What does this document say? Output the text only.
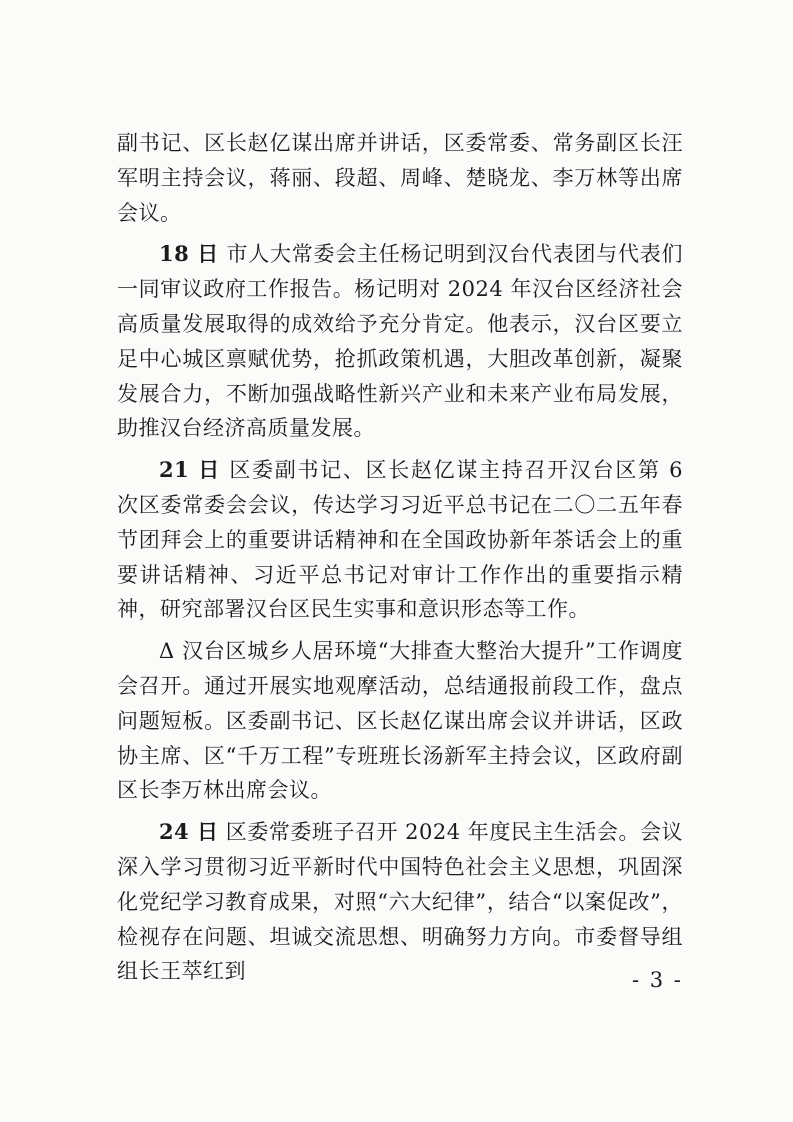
副书记、区长赵亿谋出席并讲话，区委常委、常务副区长汪军明主持会议，蒋丽、段超、周峰、楚晓龙、李万林等出席会议。

18 日 市人大常委会主任杨记明到汉台代表团与代表们一同审议政府工作报告。杨记明对 2024 年汉台区经济社会高质量发展取得的成效给予充分肯定。他表示，汉台区要立足中心城区禀赋优势，抢抓政策机遇，大胆改革创新，凝聚发展合力，不断加强战略性新兴产业和未来产业布局发展，助推汉台经济高质量发展。

21 日 区委副书记、区长赵亿谋主持召开汉台区第 6 次区委常委会会议，传达学习习近平总书记在二〇二五年春节团拜会上的重要讲话精神和在全国政协新年茶话会上的重要讲话精神、习近平总书记对审计工作作出的重要指示精神，研究部署汉台区民生实事和意识形态等工作。

Δ 汉台区城乡人居环境“大排查大整治大提升”工作调度会召开。通过开展实地观摩活动，总结通报前段工作，盘点问题短板。区委副书记、区长赵亿谋出席会议并讲话，区政协主席、区“千万工程”专班班长汤新军主持会议，区政府副区长李万林出席会议。

24 日 区委常委班子召开 2024 年度民主生活会。会议深入学习贯彻习近平新时代中国特色社会主义思想，巩固深化党纪学习教育成果，对照“六大纪律”，结合“以案促改”，检视存在问题、坦诚交流思想、明确努力方向。市委督导组组长王萃红到	- 3 -
